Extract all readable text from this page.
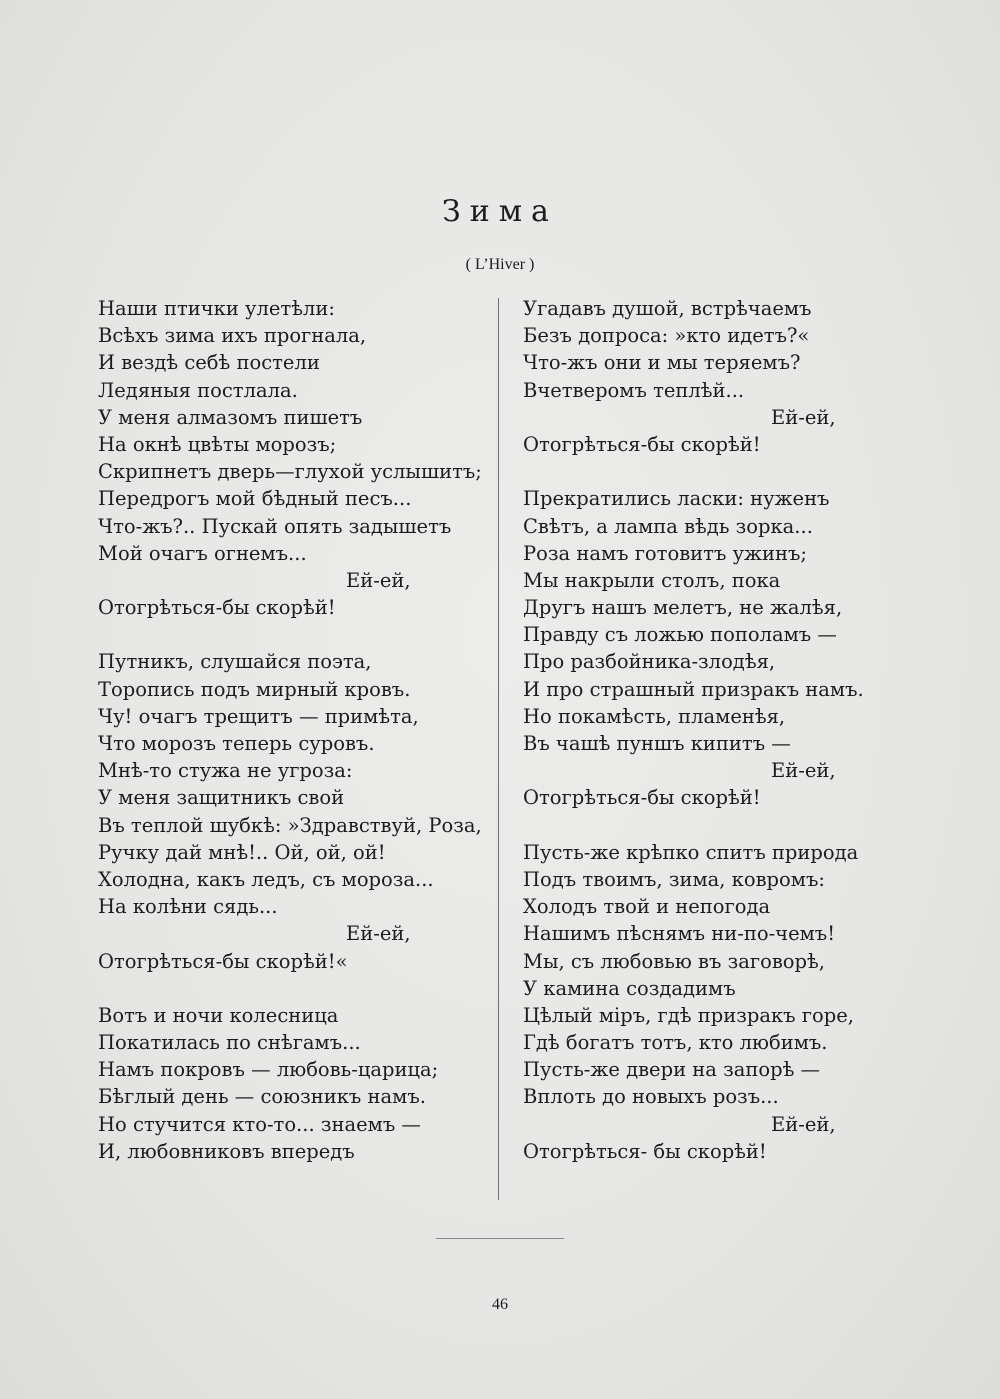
Зима
( L’Hiver )
Наши птички улетѣли:
Всѣхъ зима ихъ прогнала,
И вездѣ себѣ постели
Ледяныя постлала.
У меня алмазомъ пишетъ
На окнѣ цвѣты морозъ;
Скрипнетъ дверь—глухой услышитъ;
Передрогъ мой бѣдный песъ...
Что-жъ?.. Пускай опять задышетъ
Мой очагъ огнемъ...
Ей-ей,
Отогрѣться-бы скорѣй!
Путникъ, слушайся поэта,
Торопись подъ мирный кровъ.
Чу! очагъ трещитъ — примѣта,
Что морозъ теперь суровъ.
Мнѣ-то стужа не угроза:
У меня защитникъ свой
Въ теплой шубкѣ: »Здравствуй, Роза,
Ручку дай мнѣ!.. Ой, ой, ой!
Холодна, какъ ледъ, съ мороза...
На колѣни сядь...
Ей-ей,
Отогрѣться-бы скорѣй!«
Вотъ и ночи колесница
Покатилась по снѣгамъ...
Намъ покровъ — любовь-царица;
Бѣглый день — союзникъ намъ.
Но стучится кто-то... знаемъ —
И, любовниковъ впередъ
Угадавъ душой, встрѣчаемъ
Безъ допроса: »кто идетъ?«
Что-жъ они и мы теряемъ?
Вчетверомъ теплѣй...
Ей-ей,
Отогрѣться-бы скорѣй!
Прекратились ласки: нуженъ
Свѣтъ, а лампа вѣдь зорка...
Роза намъ готовитъ ужинъ;
Мы накрыли столъ, пока
Другъ нашъ мелетъ, не жалѣя,
Правду съ ложью пополамъ —
Про разбойника-злодѣя,
И про страшный призракъ намъ.
Но покамѣсть, пламенѣя,
Въ чашѣ пуншъ кипитъ —
Ей-ей,
Отогрѣться-бы скорѣй!
Пусть-же крѣпко спитъ природа
Подъ твоимъ, зима, ковромъ:
Холодъ твой и непогода
Нашимъ пѣснямъ ни-по-чемъ!
Мы, съ любовью въ заговорѣ,
У камина создадимъ
Цѣлый міръ, гдѣ призракъ горе,
Гдѣ богатъ тотъ, кто любимъ.
Пусть-же двери на запорѣ —
Вплоть до новыхъ розъ...
Ей-ей,
Отогрѣться- бы скорѣй!
46
